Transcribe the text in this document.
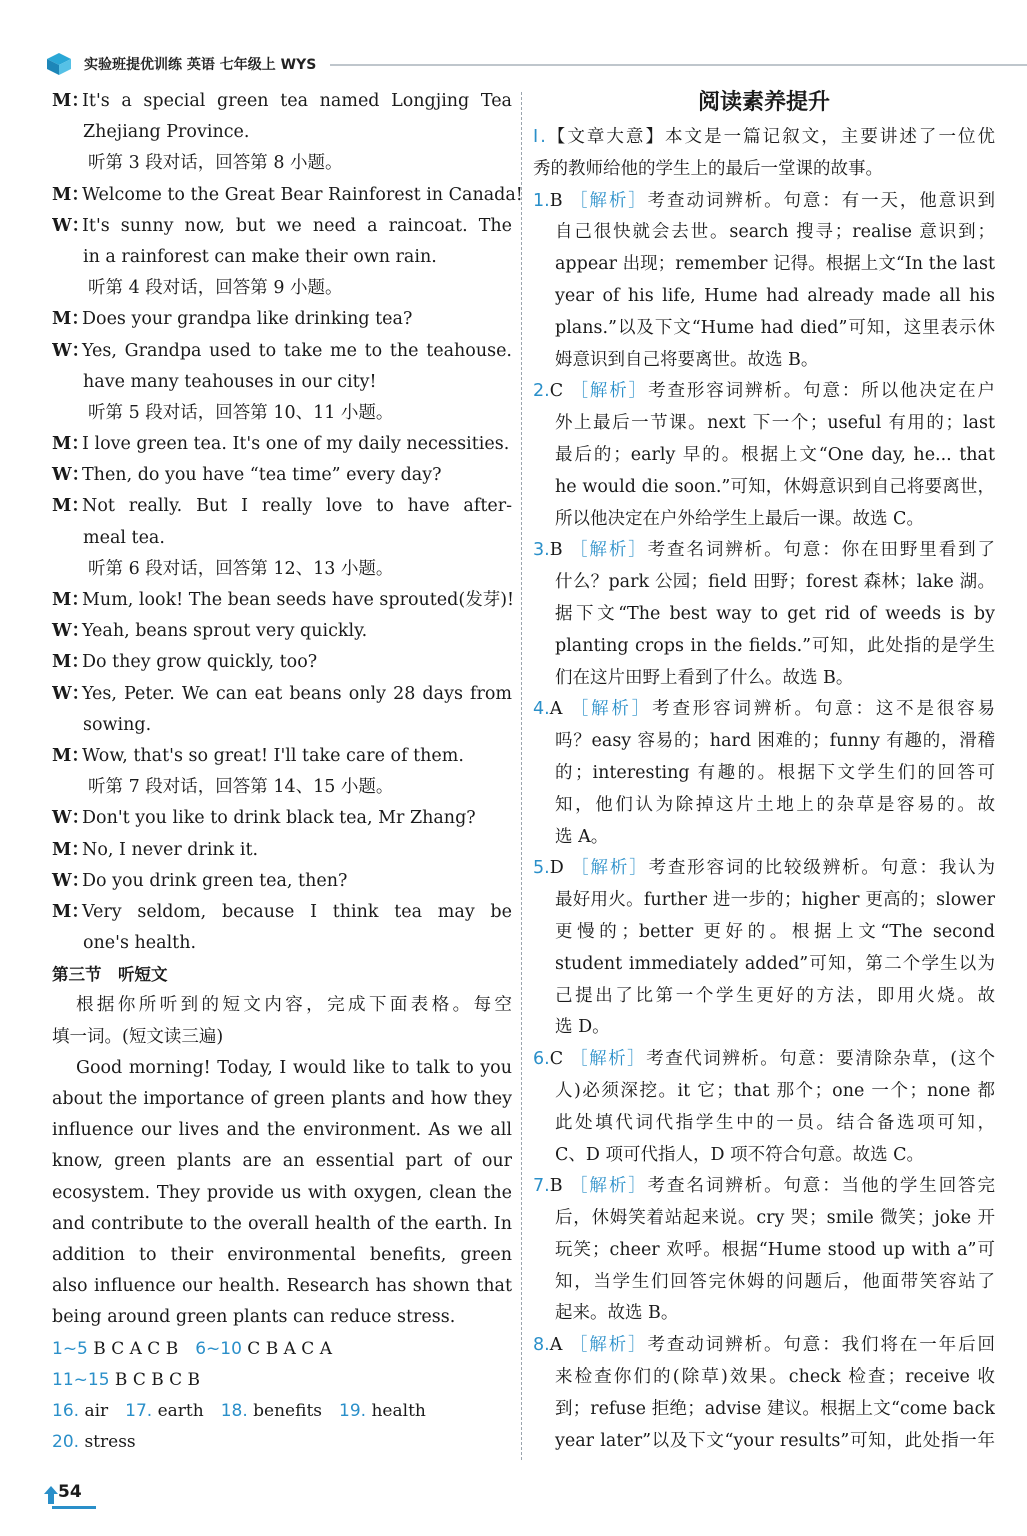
实验班提优训练 英语 七年级上 WYS
M：It's a special green tea named Longjing Tea
Zhejiang Province.
听第 3 段对话，回答第 8 小题。
M：Welcome to the Great Bear Rainforest in Canada!
W：It's sunny now, but we need a raincoat. The
in a rainforest can make their own rain.
听第 4 段对话，回答第 9 小题。
M：Does your grandpa like drinking tea?
W：Yes, Grandpa used to take me to the teahouse.
have many teahouses in our city!
听第 5 段对话，回答第 10、11 小题。
M：I love green tea. It's one of my daily necessities.
W：Then, do you have “tea time” every day?
M：Not really. But I really love to have after-
meal tea.
听第 6 段对话，回答第 12、13 小题。
M：Mum, look! The bean seeds have sprouted(发芽)!
W：Yeah, beans sprout very quickly.
M：Do they grow quickly, too?
W：Yes, Peter. We can eat beans only 28 days from
sowing.
M：Wow, that's so great! I'll take care of them.
听第 7 段对话，回答第 14、15 小题。
W：Don't you like to drink black tea, Mr Zhang?
M：No, I never drink it.
W：Do you drink green tea, then?
M：Very seldom, because I think tea may be
one's health.
第三节　听短文
根据你所听到的短文内容，完成下面表格。每空
填一词。(短文读三遍)
Good morning! Today, I would like to talk to you
about the importance of green plants and how they
influence our lives and the environment. As we all
know, green plants are an essential part of our
ecosystem. They provide us with oxygen, clean the
and contribute to the overall health of the earth. In
addition to their environmental benefits, green
also influence our health. Research has shown that
being around green plants can reduce stress.
1~5 B C A C B  6~10 C B A C A
11~15 B C B C B
16. air  17. earth  18. benefits  19. health
20. stress
阅读素养提升
Ⅰ.【文章大意】本文是一篇记叙文，主要讲述了一位优
秀的教师给他的学生上的最后一堂课的故事。
1.B ［解析］考查动词辨析。句意：有一天，他意识到
自己很快就会去世。search 搜寻；realise 意识到；
appear 出现；remember 记得。根据上文“In the last
year of his life, Hume had already made all his
plans.”以及下文“Hume had died”可知，这里表示休
姆意识到自己将要离世。故选 B。
2.C ［解析］考查形容词辨析。句意：所以他决定在户
外上最后一节课。next 下一个；useful 有用的；last
最后的；early 早的。根据上文“One day, he... that
he would die soon.”可知，休姆意识到自己将要离世，
所以他决定在户外给学生上最后一课。故选 C。
3.B ［解析］考查名词辨析。句意：你在田野里看到了
什么？park 公园；field 田野；forest 森林；lake 湖。
据下文“The best way to get rid of weeds is by
planting crops in the fields.”可知，此处指的是学生
们在这片田野上看到了什么。故选 B。
4.A ［解析］考查形容词辨析。句意：这不是很容易
吗？easy 容易的；hard 困难的；funny 有趣的，滑稽
的；interesting 有趣的。根据下文学生们的回答可
知，他们认为除掉这片土地上的杂草是容易的。故
选 A。
5.D ［解析］考查形容词的比较级辨析。句意：我认为
最好用火。further 进一步的；higher 更高的；slower
更慢的；better 更好的。根据上文“The second
student immediately added”可知，第二个学生以为
己提出了比第一个学生更好的方法，即用火烧。故
选 D。
6.C ［解析］考查代词辨析。句意：要清除杂草，(这个
人)必须深挖。it 它；that 那个；one 一个；none 都
此处填代词代指学生中的一员。结合备选项可知，
C、D 项可代指人，D 项不符合句意。故选 C。
7.B ［解析］考查名词辨析。句意：当他的学生回答完
后，休姆笑着站起来说。cry 哭；smile 微笑；joke 开
玩笑；cheer 欢呼。根据“Hume stood up with a”可
知，当学生们回答完休姆的问题后，他面带笑容站了
起来。故选 B。
8.A ［解析］考查动词辨析。句意：我们将在一年后回
来检查你们的(除草)效果。check 检查；receive 收
到；refuse 拒绝；advise 建议。根据上文“come back
year later”以及下文“your results”可知，此处指一年
54
